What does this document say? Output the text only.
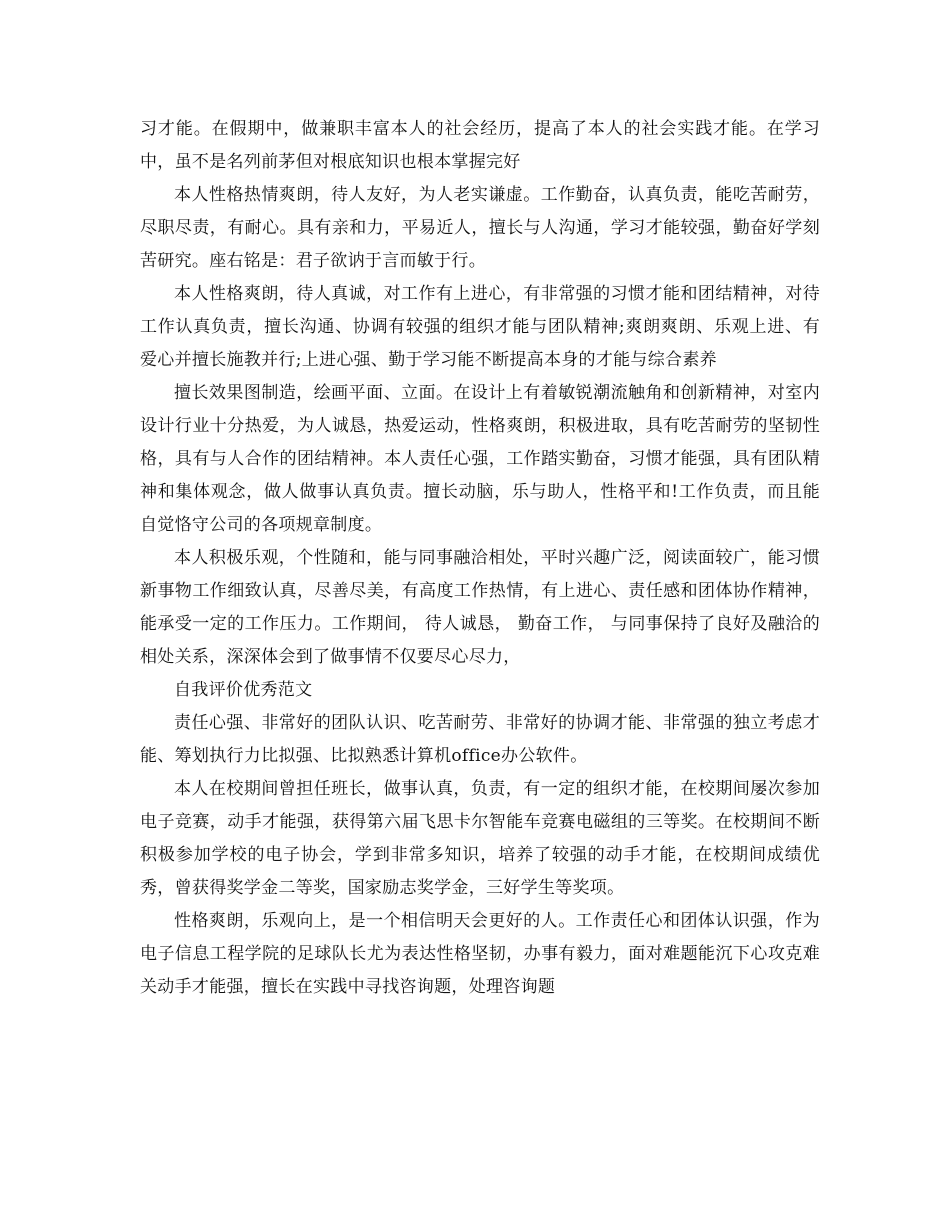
习才能。在假期中，做兼职丰富本人的社会经历，提高了本人的社会实践才能。在学习中，虽不是名列前茅但对根底知识也根本掌握完好

本人性格热情爽朗，待人友好，为人老实谦虚。工作勤奋，认真负责，能吃苦耐劳，尽职尽责，有耐心。具有亲和力，平易近人，擅长与人沟通，学习才能较强，勤奋好学刻苦研究。座右铭是：君子欲讷于言而敏于行。

本人性格爽朗，待人真诚，对工作有上进心，有非常强的习惯才能和团结精神，对待工作认真负责，擅长沟通、协调有较强的组织才能与团队精神;爽朗爽朗、乐观上进、有爱心并擅长施教并行;上进心强、勤于学习能不断提高本身的才能与综合素养

擅长效果图制造，绘画平面、立面。在设计上有着敏锐潮流触角和创新精神，对室内设计行业十分热爱，为人诚恳，热爱运动，性格爽朗，积极进取，具有吃苦耐劳的坚韧性格，具有与人合作的团结精神。本人责任心强，工作踏实勤奋，习惯才能强，具有团队精神和集体观念，做人做事认真负责。擅长动脑，乐与助人，性格平和!工作负责，而且能自觉恪守公司的各项规章制度。

本人积极乐观，个性随和，能与同事融洽相处，平时兴趣广泛，阅读面较广，能习惯新事物工作细致认真，尽善尽美，有高度工作热情，有上进心、责任感和团体协作精神，能承受一定的工作压力。工作期间， 待人诚恳， 勤奋工作， 与同事保持了良好及融洽的相处关系，深深体会到了做事情不仅要尽心尽力，

自我评价优秀范文

责任心强、非常好的团队认识、吃苦耐劳、非常好的协调才能、非常强的独立考虑才能、筹划执行力比拟强、比拟熟悉计算机office办公软件。

本人在校期间曾担任班长，做事认真，负责，有一定的组织才能，在校期间屡次参加电子竞赛，动手才能强，获得第六届飞思卡尔智能车竞赛电磁组的三等奖。在校期间不断积极参加学校的电子协会，学到非常多知识，培养了较强的动手才能，在校期间成绩优秀，曾获得奖学金二等奖，国家励志奖学金，三好学生等奖项。

性格爽朗，乐观向上，是一个相信明天会更好的人。工作责任心和团体认识强，作为电子信息工程学院的足球队长尤为表达性格坚韧，办事有毅力，面对难题能沉下心攻克难关动手才能强，擅长在实践中寻找咨询题，处理咨询题
